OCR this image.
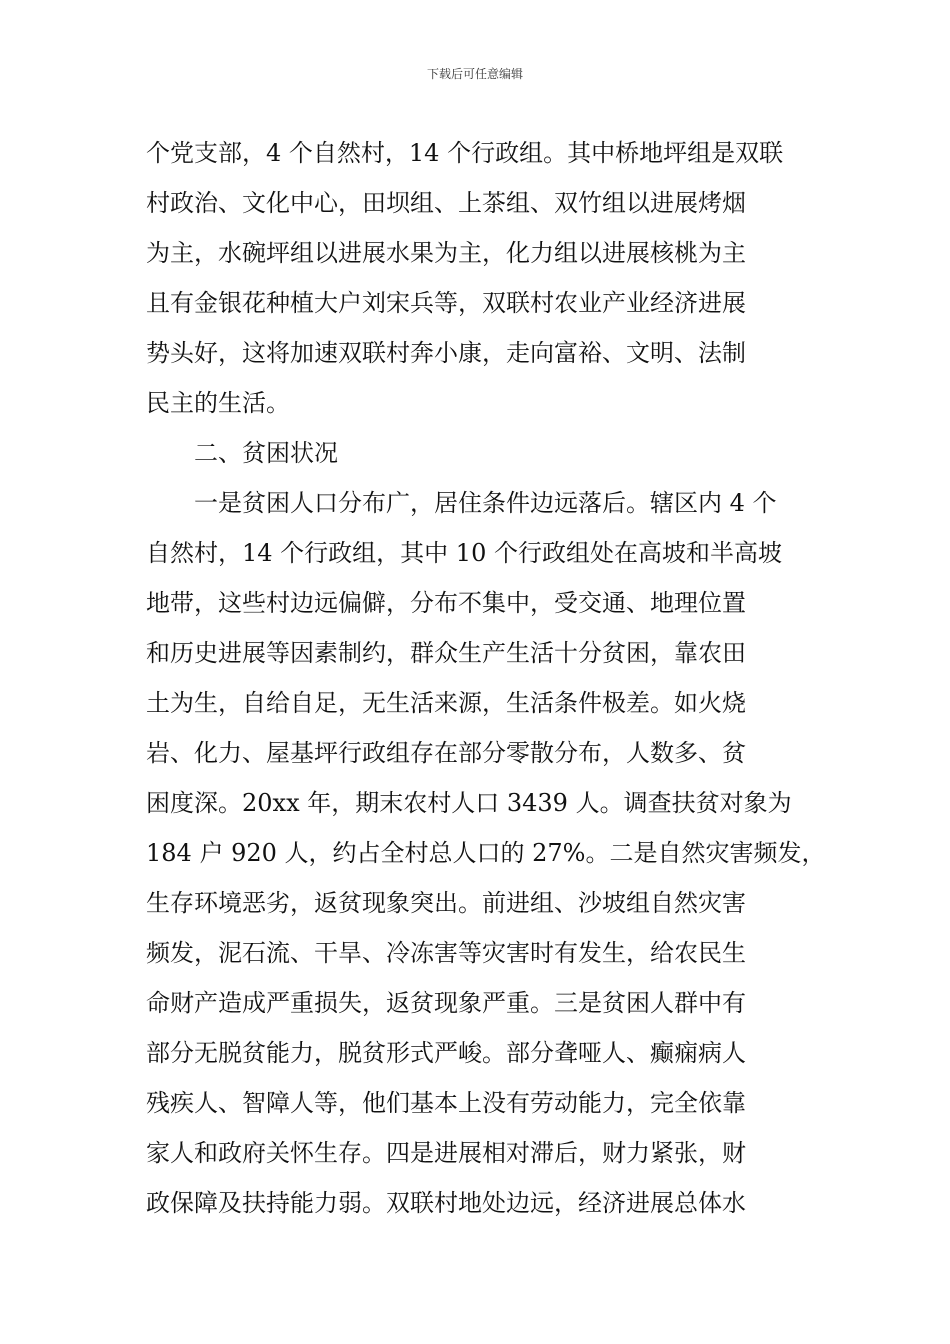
下载后可任意编辑
个党支部，4 个自然村，14 个行政组。其中桥地坪组是双联
村政治、文化中心，田坝组、上茶组、双竹组以进展烤烟
为主，水碗坪组以进展水果为主，化力组以进展核桃为主
且有金银花种植大户刘宋兵等，双联村农业产业经济进展
势头好，这将加速双联村奔小康，走向富裕、文明、法制
民主的生活。
二、贫困状况
一是贫困人口分布广，居住条件边远落后。辖区内 4 个
自然村，14 个行政组，其中 10 个行政组处在高坡和半高坡
地带，这些村边远偏僻，分布不集中，受交通、地理位置
和历史进展等因素制约，群众生产生活十分贫困，靠农田
土为生，自给自足，无生活来源，生活条件极差。如火烧
岩、化力、屋基坪行政组存在部分零散分布，人数多、贫
困度深。20xx 年，期末农村人口 3439 人。调查扶贫对象为
184 户 920 人，约占全村总人口的 27%。二是自然灾害频发，
生存环境恶劣，返贫现象突出。前进组、沙坡组自然灾害
频发，泥石流、干旱、冷冻害等灾害时有发生，给农民生
命财产造成严重损失，返贫现象严重。三是贫困人群中有
部分无脱贫能力，脱贫形式严峻。部分聋哑人、癫痫病人
残疾人、智障人等，他们基本上没有劳动能力，完全依靠
家人和政府关怀生存。四是进展相对滞后，财力紧张，财
政保障及扶持能力弱。双联村地处边远，经济进展总体水
